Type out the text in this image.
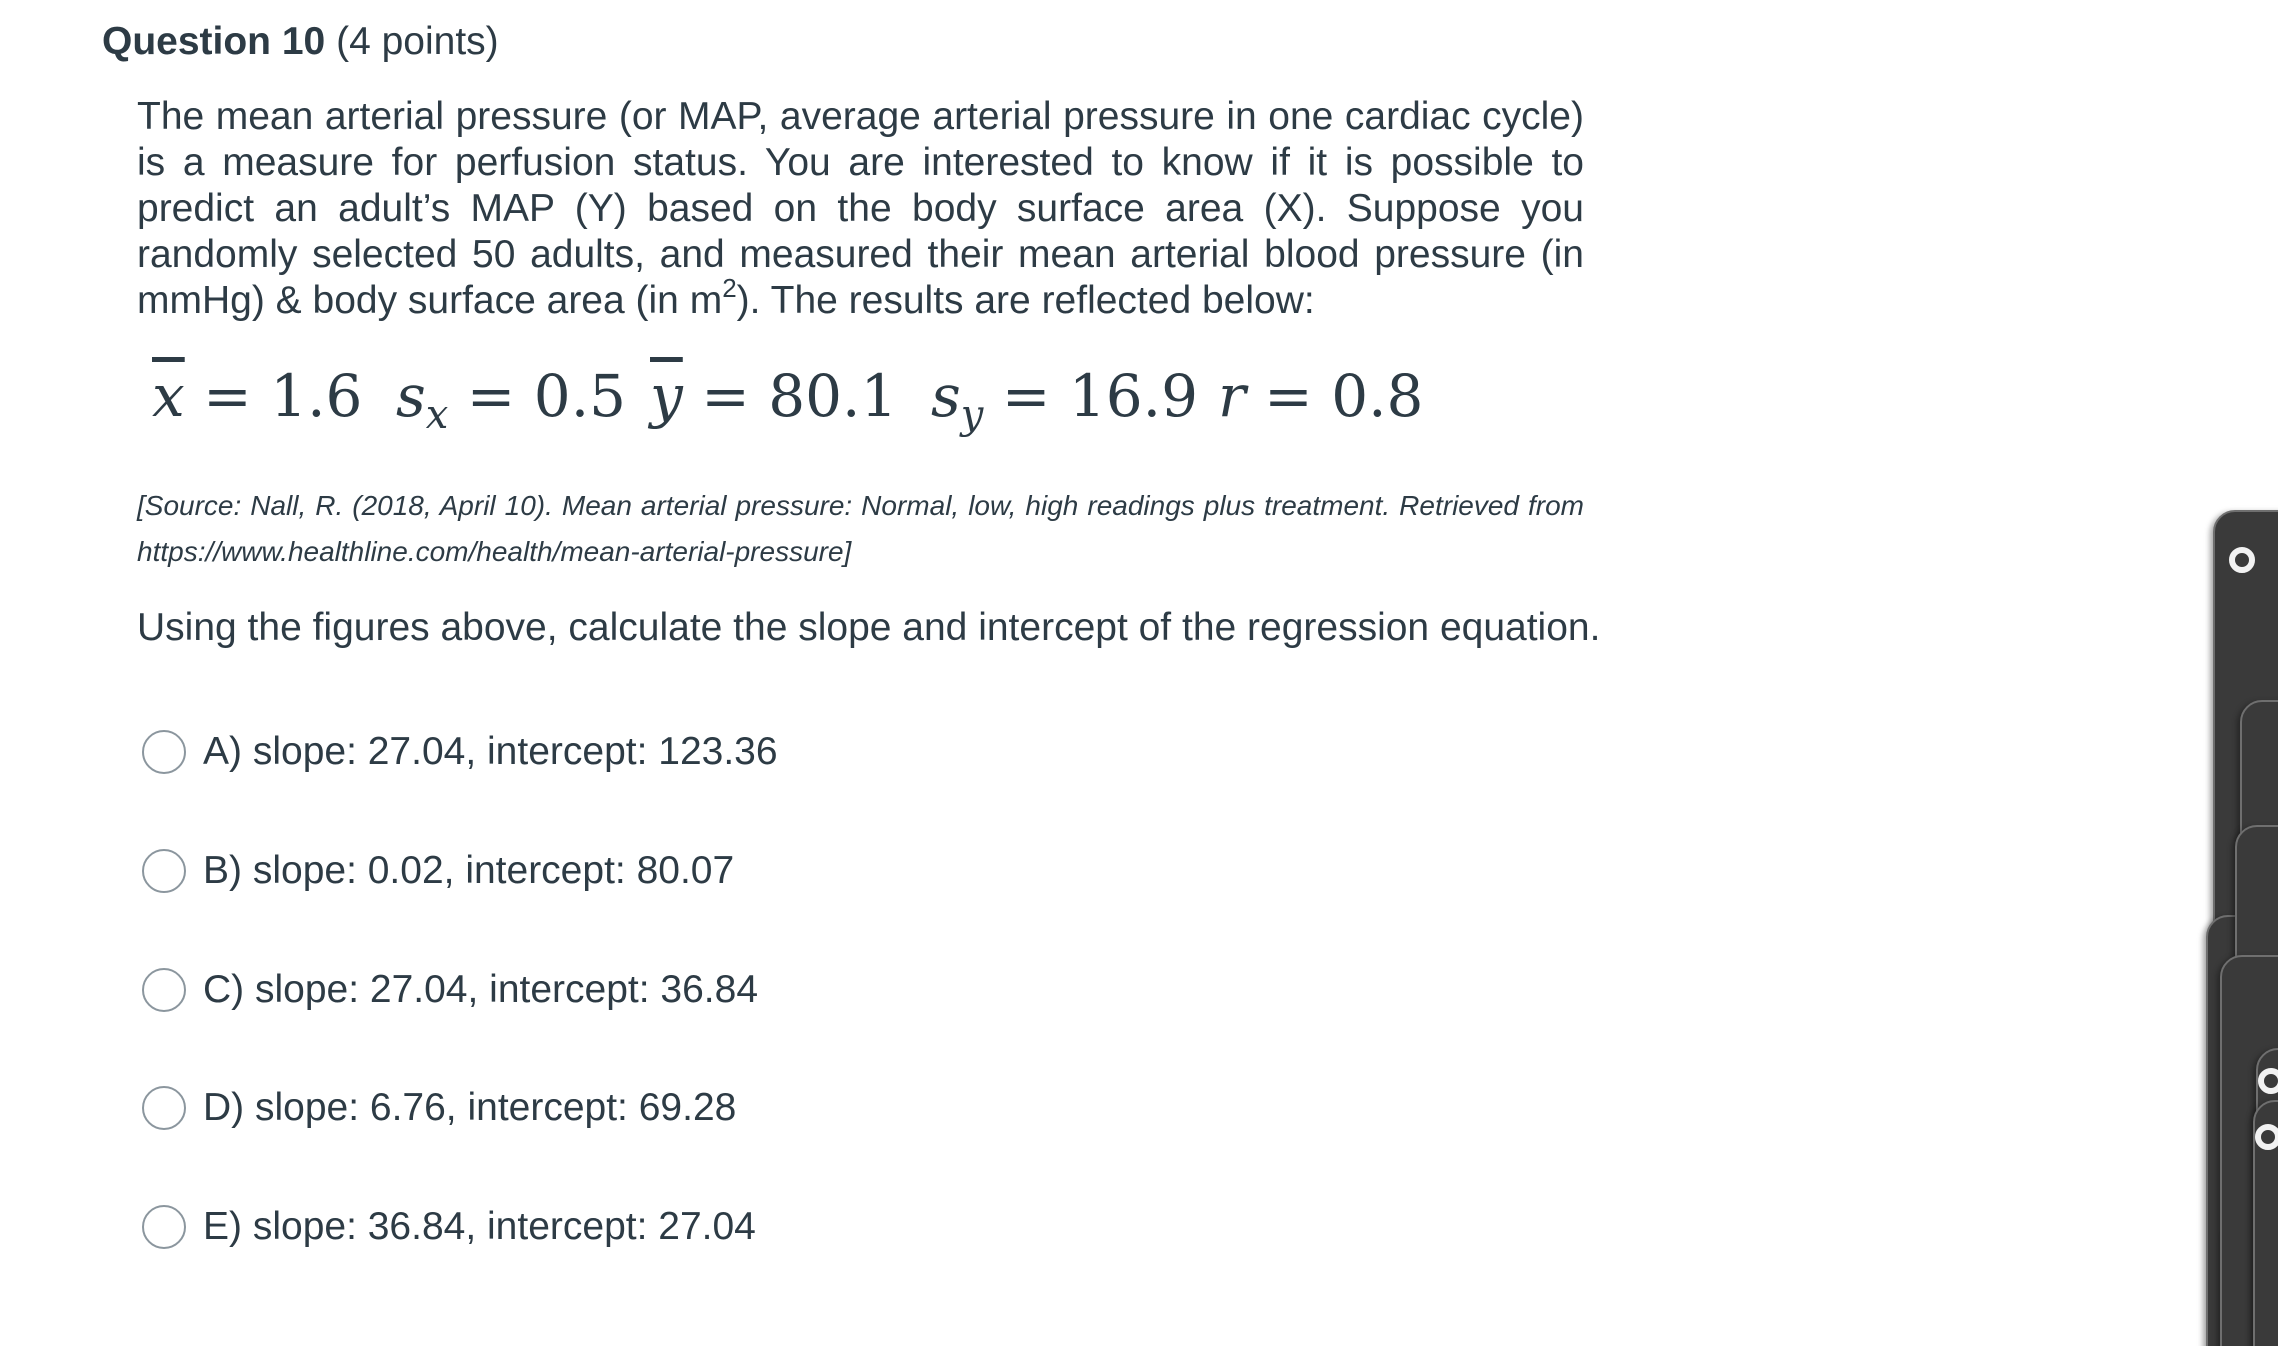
Question 10 (4 points)
The mean arterial pressure (or MAP, average arterial pressure in one cardiac cycle) is a measure for perfusion status. You are interested to know if it is possible to predict an adult’s MAP (Y) based on the body surface area (X). Suppose you randomly selected 50 adults, and measured their mean arterial blood pressure (in mmHg) & body surface area (in $m^2$). The results are reflected below:
$\overline{x} = 1.6$ $s_x = 0.5$ $\overline{y} = 80.1$ $s_y = 16.9$ r = 0.8
[Source: Nall, R. (2018, April 10). Mean arterial pressure: Normal, low, high readings plus treatment. Retrieved from https://www.healthline.com/health/mean-arterial-pressure]
Using the figures above, calculate the slope and intercept of the regression equation.
A) slope: 27.04, intercept: 123.36
B) slope: 0.02, intercept: 80.07
C) slope: 27.04, intercept: 36.84
D) slope: 6.76, intercept: 69.28
E) slope: 36.84, intercept: 27.04
